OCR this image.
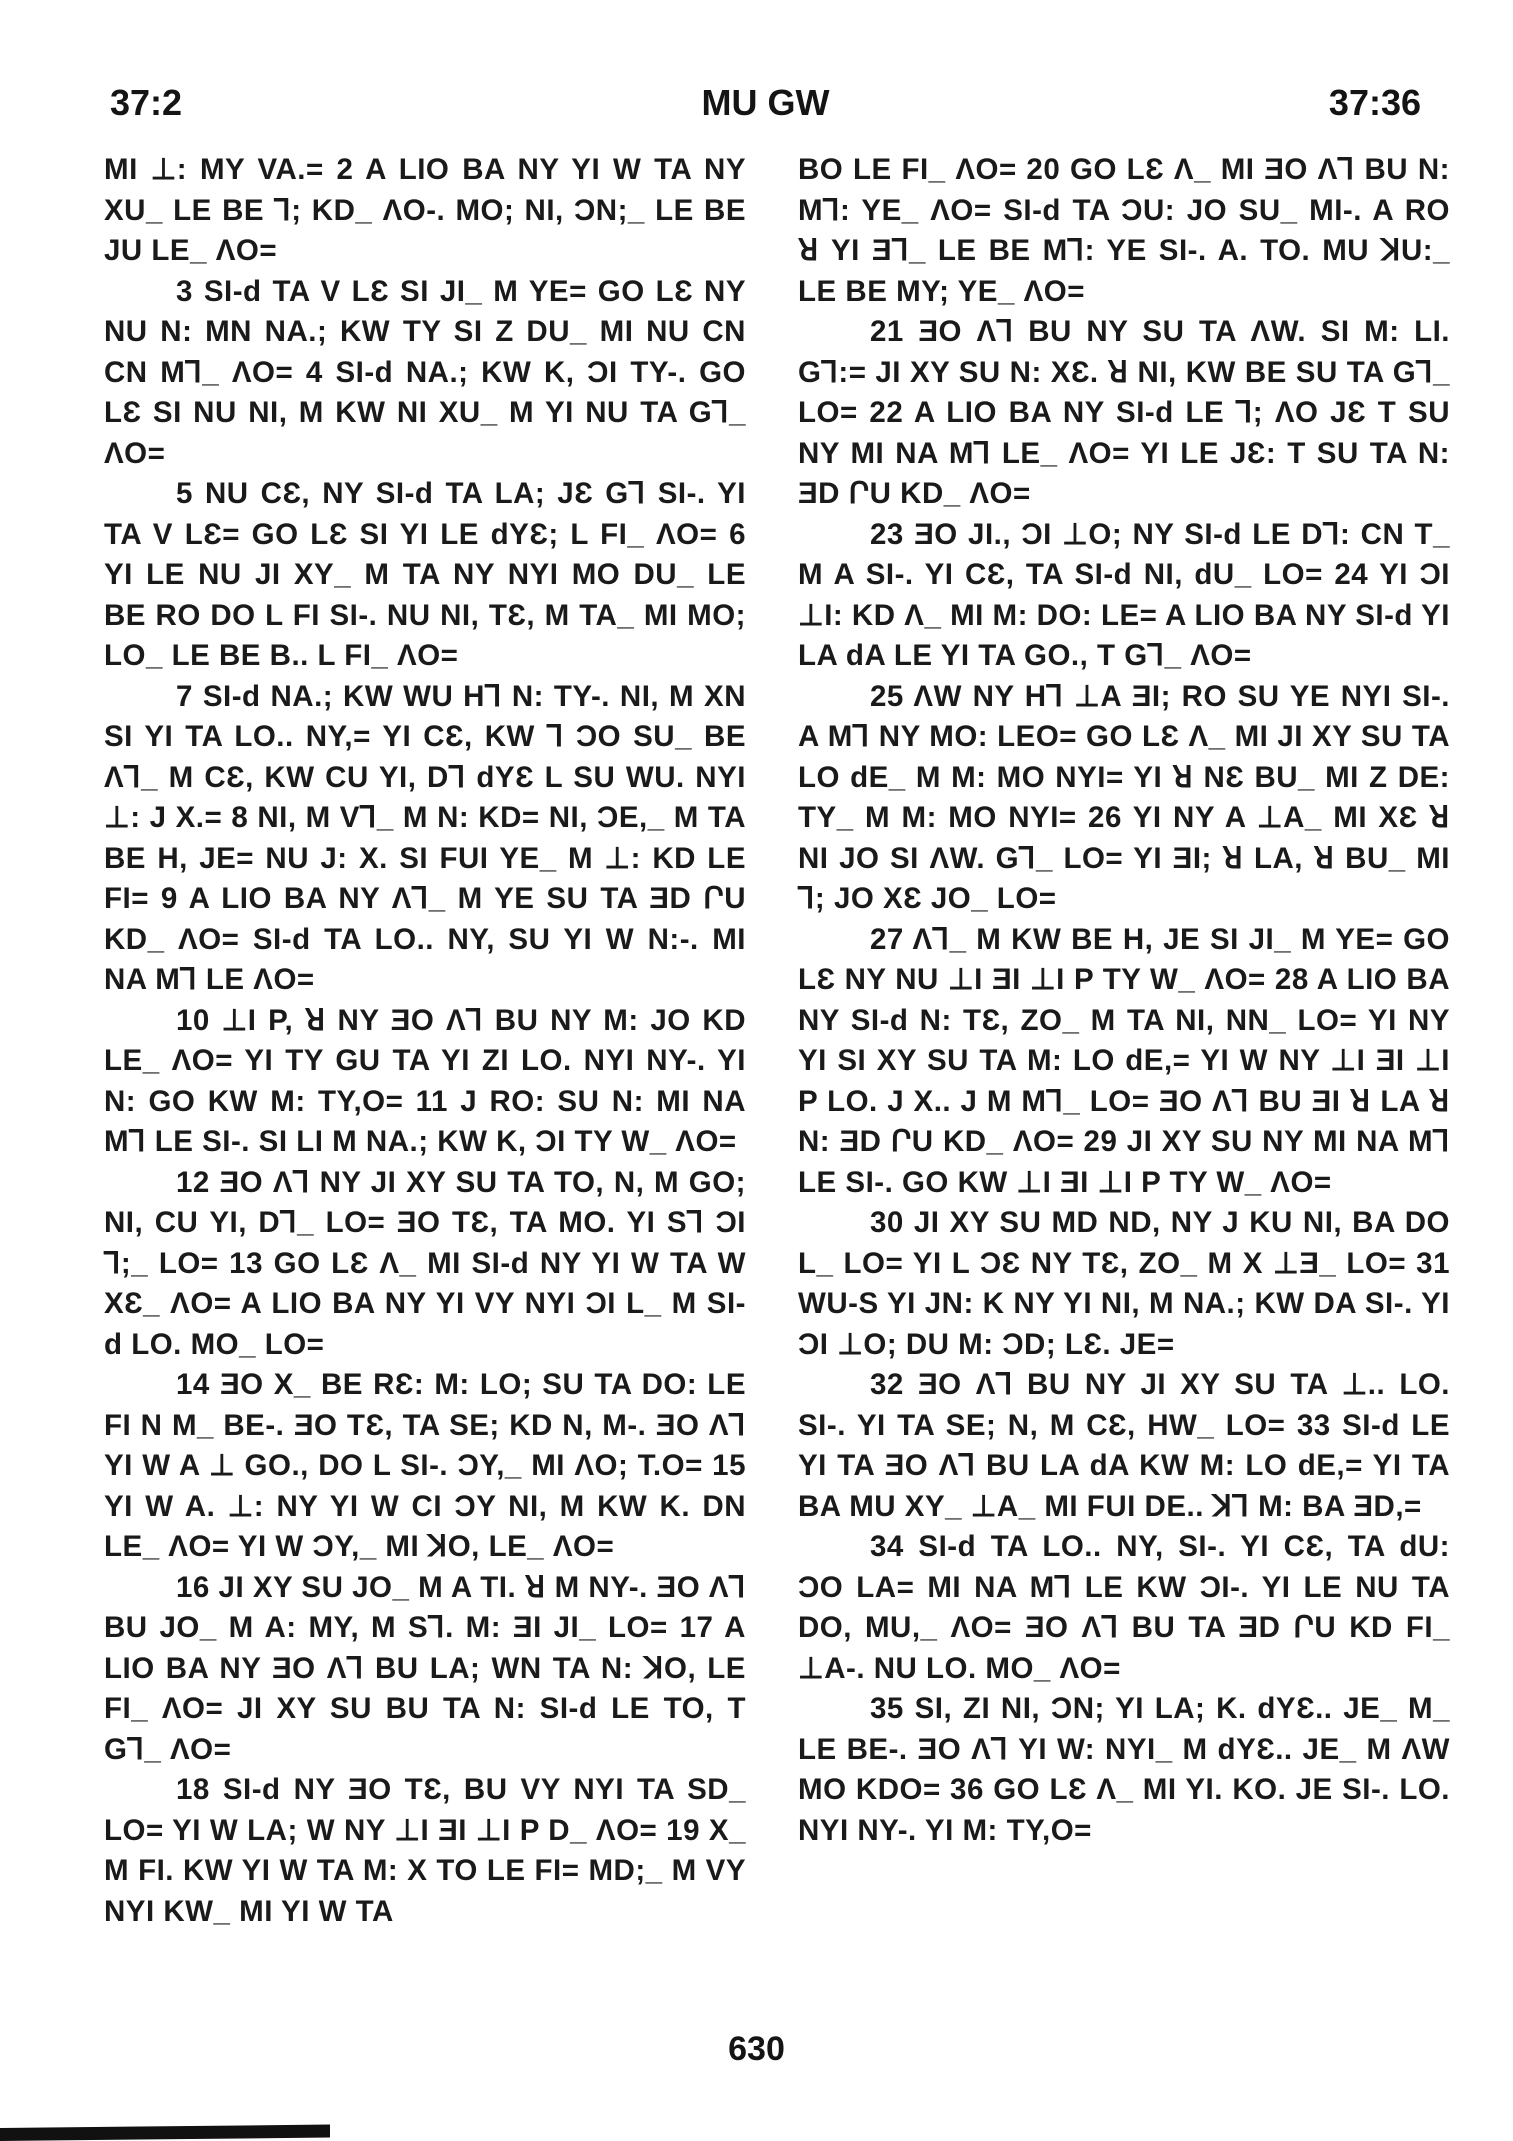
37:2	MU GW	37:36

MI ⊥: MY VA.= 2 A LIO BA NY YI W TA NY XU_ LE BE ⅂; KD_ ΛO-. MO; NI, ƆN;_ LE BE JU LE_ ΛO=

3 SI-d TA V LƐ SI JI_ M YE= GO LƐ NY NU N: MN NA.; KW TY SI Z DU_ MI NU CN CN M⅂_ ΛO= 4 SI-d NA.; KW K, ƆI TY-. GO LƐ SI NU NI, M KW NI XU_ M YI NU TA G⅂_ ΛO=

5 NU CƐ, NY SI-d TA LA; JƐ G⅂ SI-. YI TA V LƐ= GO LƐ SI YI LE dYƐ; L FI_ ΛO= 6 YI LE NU JI XY_ M TA NY NYI MO DU_ LE BE RO DO L FI SI-. NU NI, TƐ, M TA_ MI MO; LO_ LE BE B.. L FI_ ΛO=

7 SI-d NA.; KW WU H⅂ N: TY-. NI, M XN SI YI TA LO.. NY,= YI CƐ, KW ⅂ ƆO SU_ BE Λ⅂_ M CƐ, KW CU YI, D⅂ dYƐ L SU WU. NYI ⊥: J X.= 8 NI, M V⅂_ M N: KD= NI, ƆE,_ M TA BE H, JE= NU J: X. SI FUI YE_ M ⊥: KD LE FI= 9 A LIO BA NY Λ⅂_ M YE SU TA ƎD ՐU KD_ ΛO= SI-d TA LO.. NY, SU YI W N:-. MI NA M⅂ LE ΛO=

10 ⊥I P, ꓤ NY ƎO Λ⅂ BU NY M: JO KD LE_ ΛO= YI TY GU TA YI ZI LO. NYI NY-. YI N: GO KW M: TY,O= 11 J RO: SU N: MI NA M⅂ LE SI-. SI LI M NA.; KW K, ƆI TY W_ ΛO=

12 ƎO Λ⅂ NY JI XY SU TA TO, N, M GO; NI, CU YI, D⅂_ LO= ƎO TƐ, TA MO. YI S⅂ ƆI ⅂;_ LO= 13 GO LƐ Λ_ MI SI-d NY YI W TA W XƐ_ ΛO= A LIO BA NY YI VY NYI ƆI L_ M SI-d LO. MO_ LO=

14 ƎO X_ BE RƐ: M: LO; SU TA DO: LE FI N M_ BE-. ƎO TƐ, TA SE; KD N, M-. ƎO Λ⅂ YI W A ⊥ GO., DO L SI-. ƆY,_ MI ΛO; T.O= 15 YI W A. ⊥: NY YI W CI ƆY NI, M KW K. DN LE_ ΛO= YI W ƆY,_ MI ꓘO, LE_ ΛO=

16 JI XY SU JO_ M A TI. ꓤ M NY-. ƎO Λ⅂ BU JO_ M A: MY, M S⅂. M: ƎI JI_ LO= 17 A LIO BA NY ƎO Λ⅂ BU LA; WN TA N: ꓘO, LE FI_ ΛO= JI XY SU BU TA N: SI-d LE TO, T G⅂_ ΛO=

18 SI-d NY ƎO TƐ, BU VY NYI TA SD_ LO= YI W LA; W NY ⊥I ƎI ⊥I P D_ ΛO= 19 X_ M FI. KW YI W TA M: X TO LE FI= MD;_ M VY NYI KW_ MI YI W TA

BO LE FI_ ΛO= 20 GO LƐ Λ_ MI ƎO Λ⅂ BU N: M⅂: YE_ ΛO= SI-d TA ƆU: JO SU_ MI-. A RO ꓤ YI Ǝ⅂_ LE BE M⅂: YE SI-. A. TO. MU ꓘU:_ LE BE MY; YE_ ΛO=

21 ƎO Λ⅂ BU NY SU TA ΛW. SI M: LI. G⅂:= JI XY SU N: XƐ. ꓤ NI, KW BE SU TA G⅂_ LO= 22 A LIO BA NY SI-d LE ⅂; ΛO JƐ T SU NY MI NA M⅂ LE_ ΛO= YI LE JƐ: T SU TA N: ƎD ՐU KD_ ΛO=

23 ƎO JI., ƆI ⊥O; NY SI-d LE D⅂: CN T_ M A SI-. YI CƐ, TA SI-d NI, dU_ LO= 24 YI ƆI ⊥I: KD Λ_ MI M: DO: LE= A LIO BA NY SI-d YI LA dA LE YI TA GO., T G⅂_ ΛO=

25 ΛW NY H⅂ ⊥A ƎI; RO SU YE NYI SI-. A M⅂ NY MO: LEO= GO LƐ Λ_ MI JI XY SU TA LO dE_ M M: MO NYI= YI ꓤ NƐ BU_ MI Z DE: TY_ M M: MO NYI= 26 YI NY A ⊥A_ MI XƐ ꓤ NI JO SI ΛW. G⅂_ LO= YI ƎI; ꓤ LA, ꓤ BU_ MI ⅂; JO XƐ JO_ LO=

27 Λ⅂_ M KW BE H, JE SI JI_ M YE= GO LƐ NY NU ⊥I ƎI ⊥I P TY W_ ΛO= 28 A LIO BA NY SI-d N: TƐ, ZO_ M TA NI, NN_ LO= YI NY YI SI XY SU TA M: LO dE,= YI W NY ⊥I ƎI ⊥I P LO. J X.. J M M⅂_ LO= ƎO Λ⅂ BU ƎI ꓤ LA ꓤ N: ƎD ՐU KD_ ΛO= 29 JI XY SU NY MI NA M⅂ LE SI-. GO KW ⊥I ƎI ⊥I P TY W_ ΛO=

30 JI XY SU MD ND, NY J KU NI, BA DO L_ LO= YI L ƆƐ NY TƐ, ZO_ M X ⊥Ǝ_ LO= 31 WU-S YI JN: K NY YI NI, M NA.; KW DA SI-. YI ƆI ⊥O; DU M: ƆD; LƐ. JE=

32 ƎO Λ⅂ BU NY JI XY SU TA ⊥.. LO. SI-. YI TA SE; N, M CƐ, HW_ LO= 33 SI-d LE YI TA ƎO Λ⅂ BU LA dA KW M: LO dE,= YI TA BA MU XY_ ⊥A_ MI FUI DE.. ꓘ⅂ M: BA ƎD,=

34 SI-d TA LO.. NY, SI-. YI CƐ, TA dU: ƆO LA= MI NA M⅂ LE KW ƆI-. YI LE NU TA DO, MU,_ ΛO= ƎO Λ⅂ BU TA ƎD ՐU KD FI_ ⊥A-. NU LO. MO_ ΛO=

35 SI, ZI NI, ƆN; YI LA; K. dYƐ.. JE_ M_ LE BE-. ƎO Λ⅂ YI W: NYI_ M dYƐ.. JE_ M ΛW MO KDO= 36 GO LƐ Λ_ MI YI. KO. JE SI-. LO. NYI NY-. YI M: TY,O=

630
